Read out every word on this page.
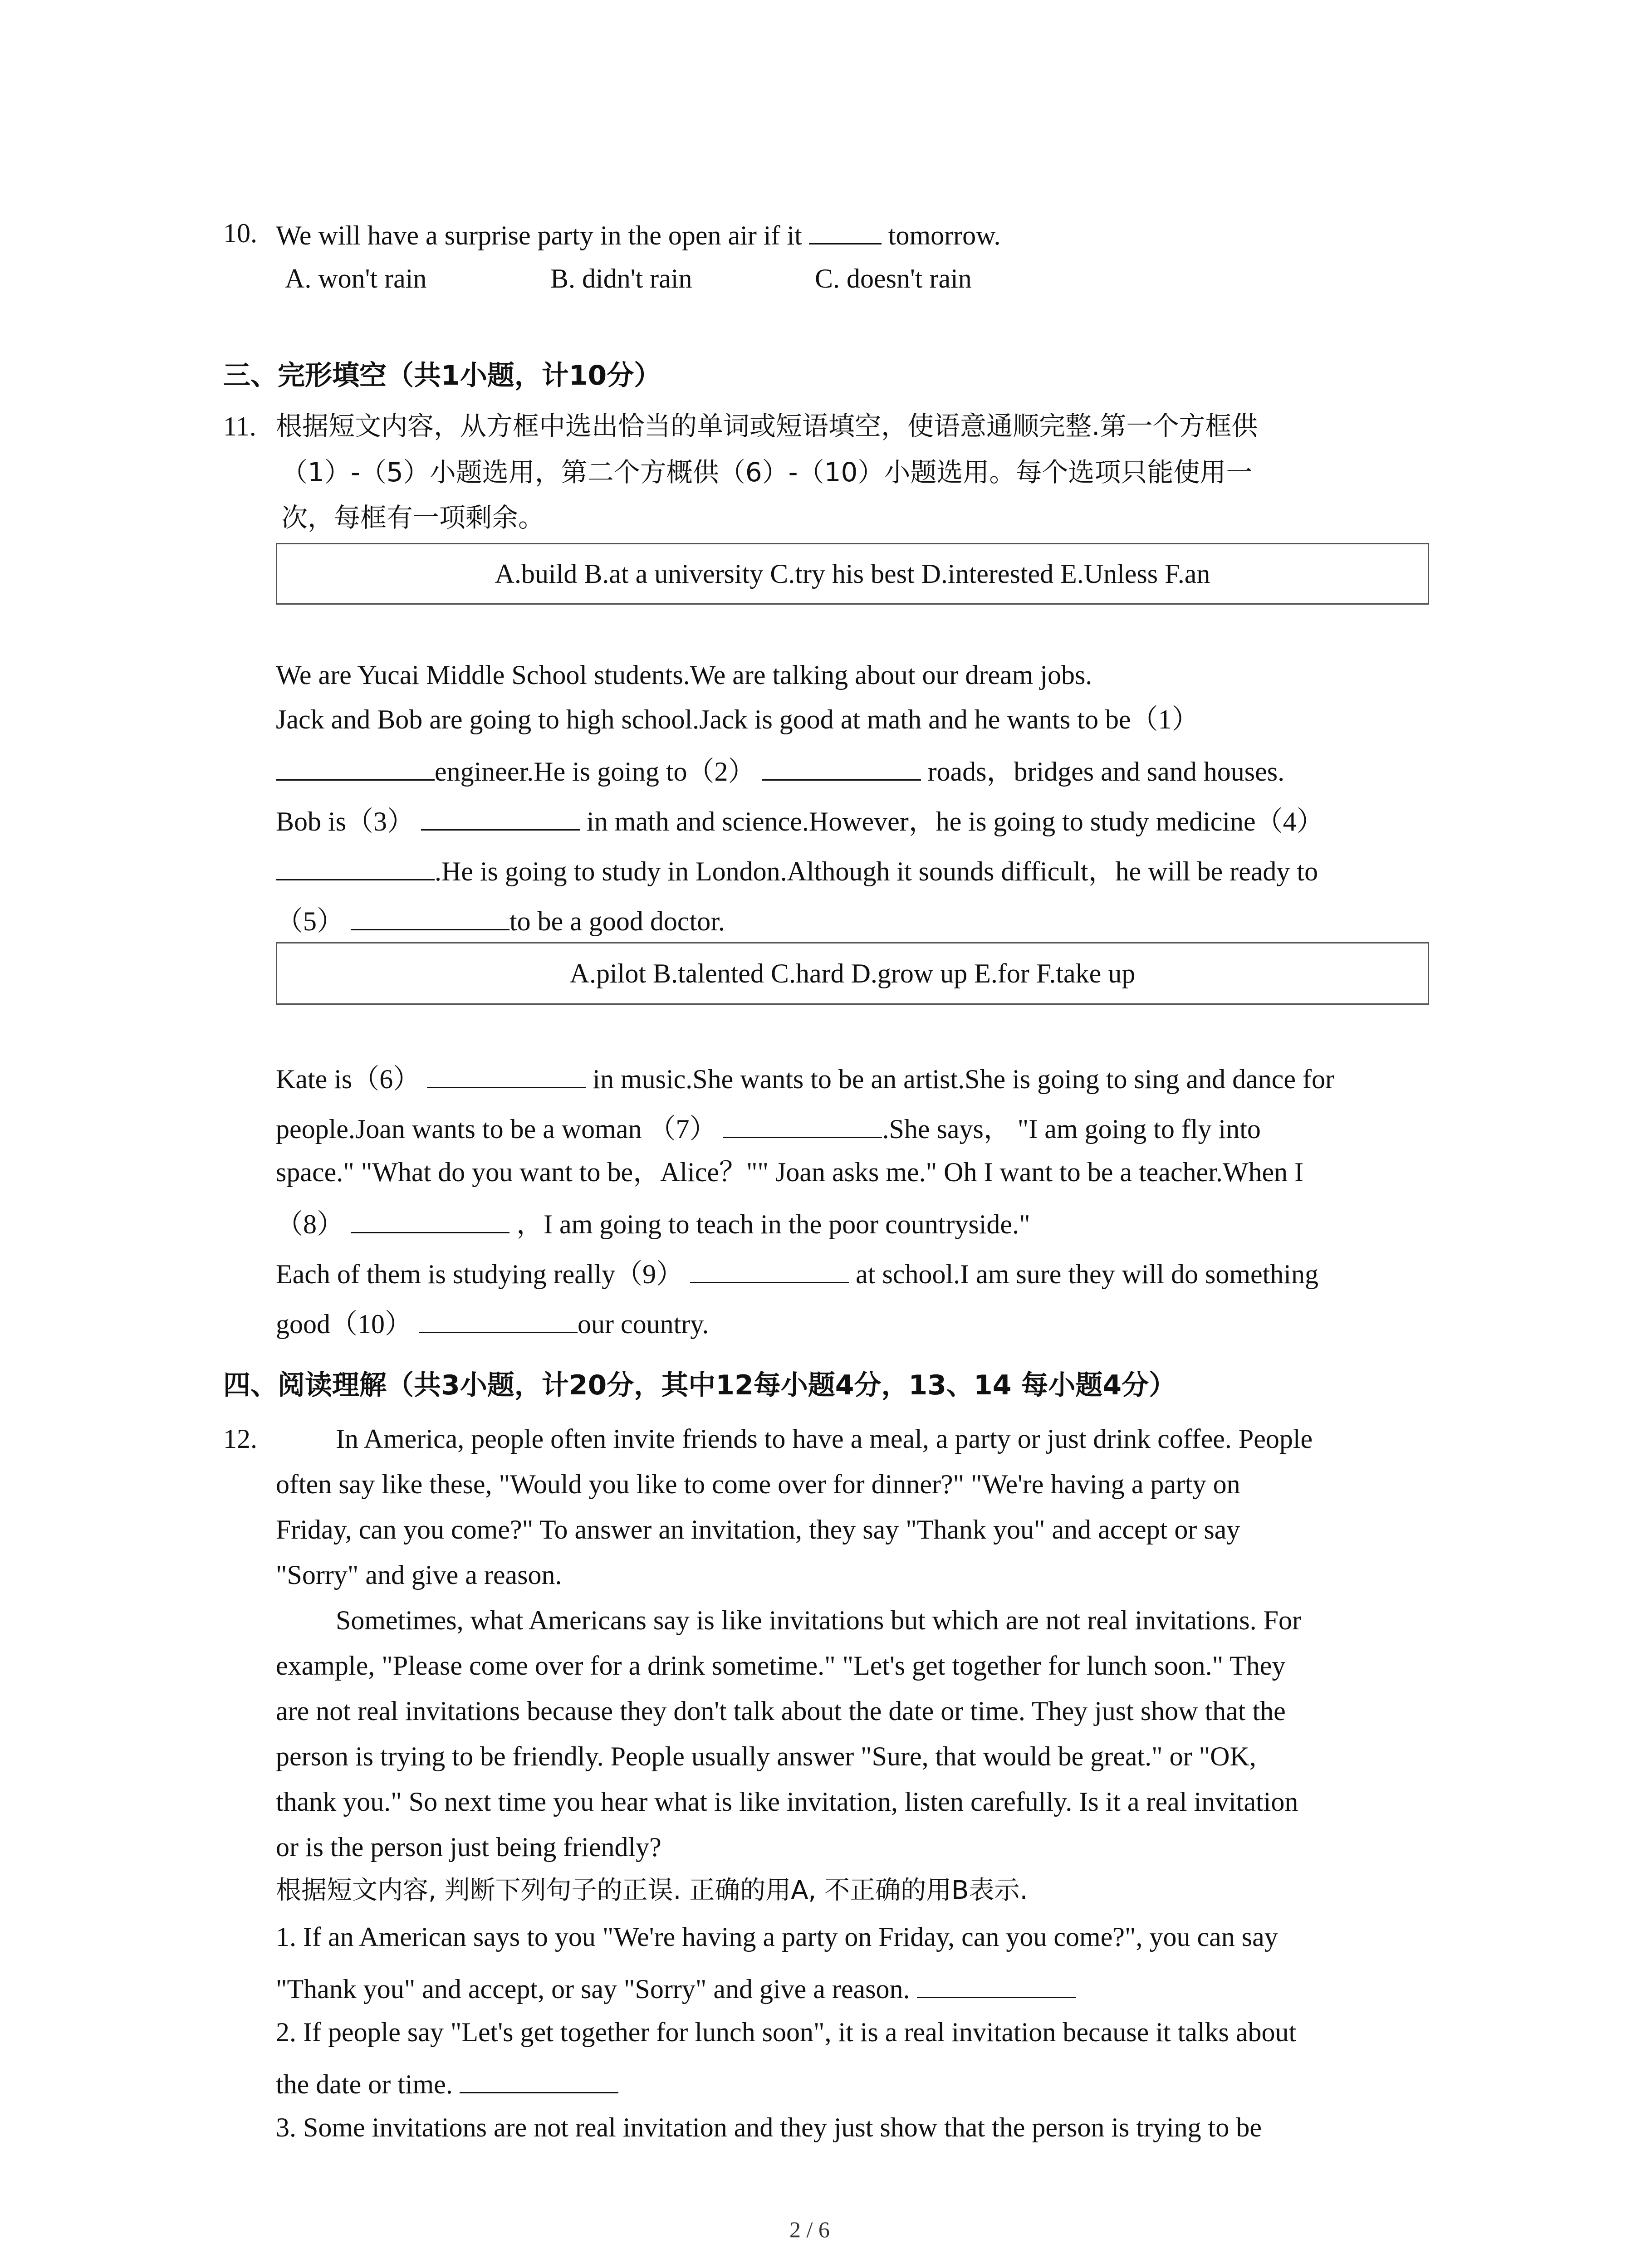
10. We will have a surprise party in the open air if it	tomorrow.
A. won't rain	B. didn't rain	C. doesn't rain
三、完形填空（共1小题，计10分）
11. 根据短文内容，从方框中选出恰当的单词或短语填空，使语意通顺完整.第一个方框供
（1）-（5）小题选用，第二个方概供（6）-（10）小题选用。每个选项只能使用一
次，每框有一项剩余。
A.build B.at a university C.try his best D.interested E.Unless F.an
We are Yucai Middle School students.We are talking about our dream jobs.
Jack and Bob are going to high school.Jack is good at math and he wants to be（1）
engineer.He is going to（2）	roads，bridges and sand houses.
Bob is（3）	in math and science.However，he is going to study medicine（4）
.He is going to study in London.Although it sounds difficult，he will be ready to
（5）	to be a good doctor.
A.pilot B.talented C.hard D.grow up E.for F.take up
Kate is（6）	in music.She wants to be an artist.She is going to sing and dance for
people.Joan wants to be a woman （7）	.She says， "I am going to fly into
space." "What do you want to be，Alice？"" Joan asks me." Oh I want to be a teacher.When I
（8）	，I am going to teach in the poor countryside."
Each of them is studying really（9）	at school.I am sure they will do something
good（10）	our country.
四、阅读理解（共3小题，计20分，其中12每小题4分，13、14 每小题4分）
12.	In America, people often invite friends to have a meal, a party or just drink coffee. People
often say like these, "Would you like to come over for dinner?" "We're having a party on
Friday, can you come?" To answer an invitation, they say "Thank you" and accept or say
"Sorry" and give a reason.
Sometimes, what Americans say is like invitations but which are not real invitations. For
example, "Please come over for a drink sometime." "Let's get together for lunch soon." They
are not real invitations because they don't talk about the date or time. They just show that the
person is trying to be friendly. People usually answer "Sure, that would be great." or "OK,
thank you." So next time you hear what is like invitation, listen carefully. Is it a real invitation
or is the person just being friendly?
根据短文内容, 判断下列句子的正误. 正确的用A, 不正确的用B表示.
1. If an American says to you "We're having a party on Friday, can you come?", you can say
"Thank you" and accept, or say "Sorry" and give a reason.
2. If people say "Let's get together for lunch soon", it is a real invitation because it talks about
the date or time.
3. Some invitations are not real invitation and they just show that the person is trying to be
2 / 6
